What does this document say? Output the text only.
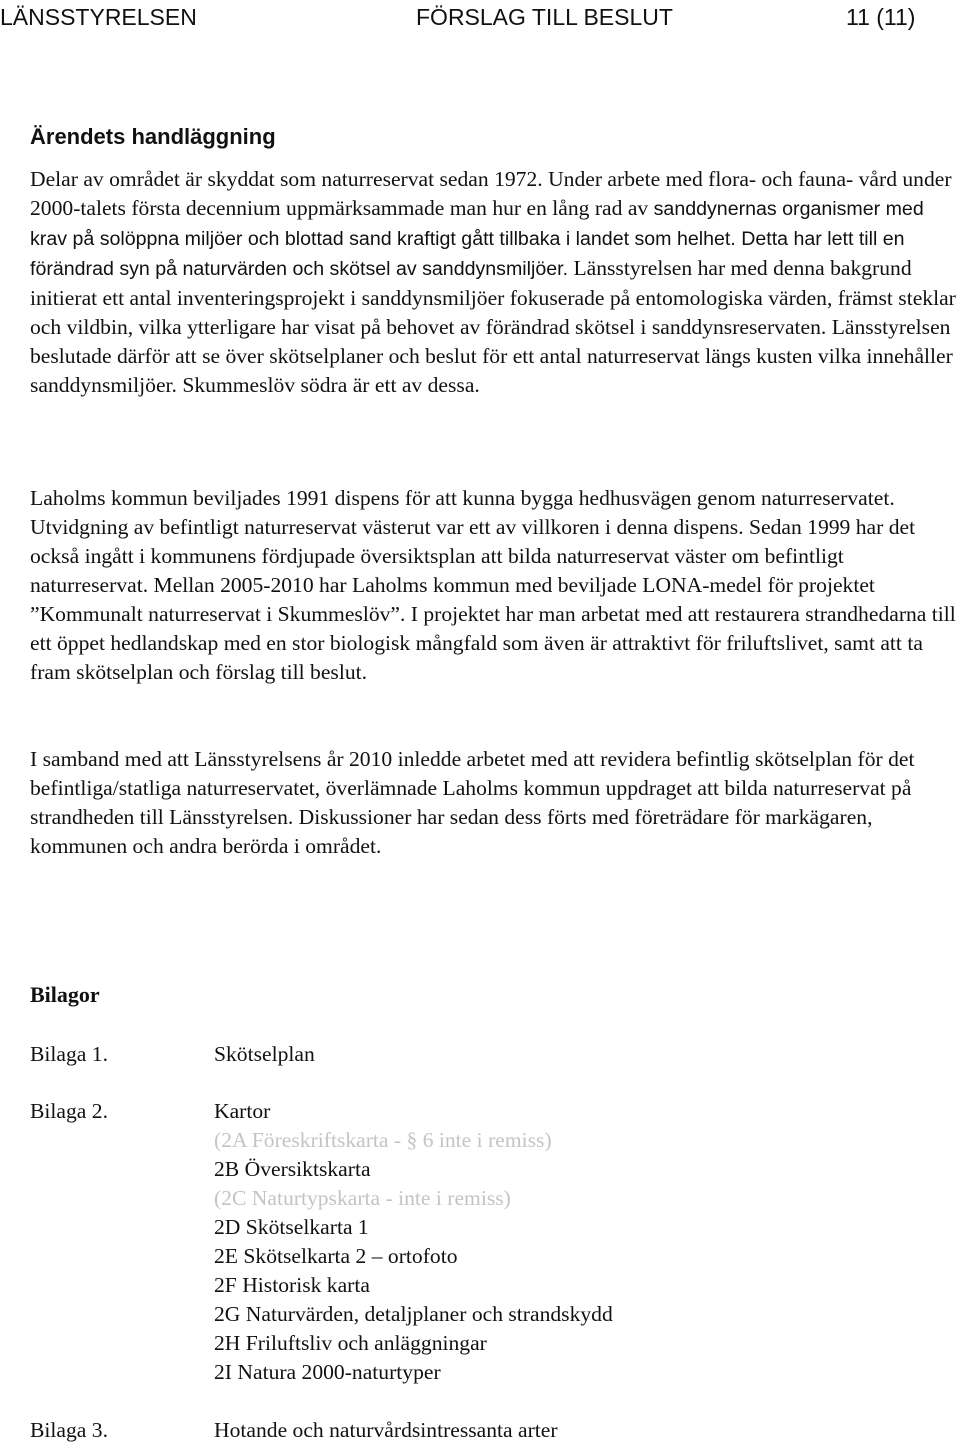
LÄNSSTYRELSEN	FÖRSLAG TILL BESLUT	11 (11)
Ärendets handläggning

Delar av området är skyddat som naturreservat sedan 1972. Under arbete med flora- och fauna- vård under 2000-talets första decennium uppmärksammade man hur en lång rad av sanddynernas organismer med krav på solöppna miljöer och blottad sand kraftigt gått tillbaka i landet som helhet. Detta har lett till en förändrad syn på naturvärden och skötsel av sanddynsmiljöer. Länsstyrelsen har med denna bakgrund initierat ett antal inventeringsprojekt i sanddynsmiljöer fokuserade på entomologiska värden, främst steklar och vildbin, vilka ytterligare har visat på behovet av förändrad skötsel i sanddynsreservaten. Länsstyrelsen beslutade därför att se över skötselplaner och beslut för ett antal naturreservat längs kusten vilka innehåller sanddynsmiljöer. Skummeslöv södra är ett av dessa.

Laholms kommun beviljades 1991 dispens för att kunna bygga hedhusvägen genom naturreservatet. Utvidgning av befintligt naturreservat västerut var ett av villkoren i denna dispens. Sedan 1999 har det också ingått i kommunens fördjupade översiktsplan att bilda naturreservat väster om befintligt naturreservat. Mellan 2005-2010 har Laholms kommun med beviljade LONA-medel för projektet ”Kommunalt naturreservat i Skummeslöv”. I projektet har man arbetat med att restaurera strandhedarna till ett öppet hedlandskap med en stor biologisk mångfald som även är attraktivt för friluftslivet, samt att ta fram skötselplan och förslag till beslut.

I samband med att Länsstyrelsens år 2010 inledde arbetet med att revidera befintlig skötselplan för det befintliga/statliga naturreservatet, överlämnade Laholms kommun uppdraget att bilda naturreservat på strandheden till Länsstyrelsen. Diskussioner har sedan dess förts med företrädare för markägaren, kommunen och andra berörda i området.

Bilagor
Bilaga 1.	Skötselplan
Bilaga 2.	Kartor
(2A Föreskriftskarta - § 6 inte i remiss)
2B Översiktskarta
(2C Naturtypskarta - inte i remiss)
2D Skötselkarta 1
2E Skötselkarta 2 – ortofoto
2F Historisk karta
2G Naturvärden, detaljplaner och strandskydd
2H Friluftsliv och anläggningar
2I Natura 2000-naturtyper
Bilaga 3.	Hotande och naturvårdsintressanta arter
